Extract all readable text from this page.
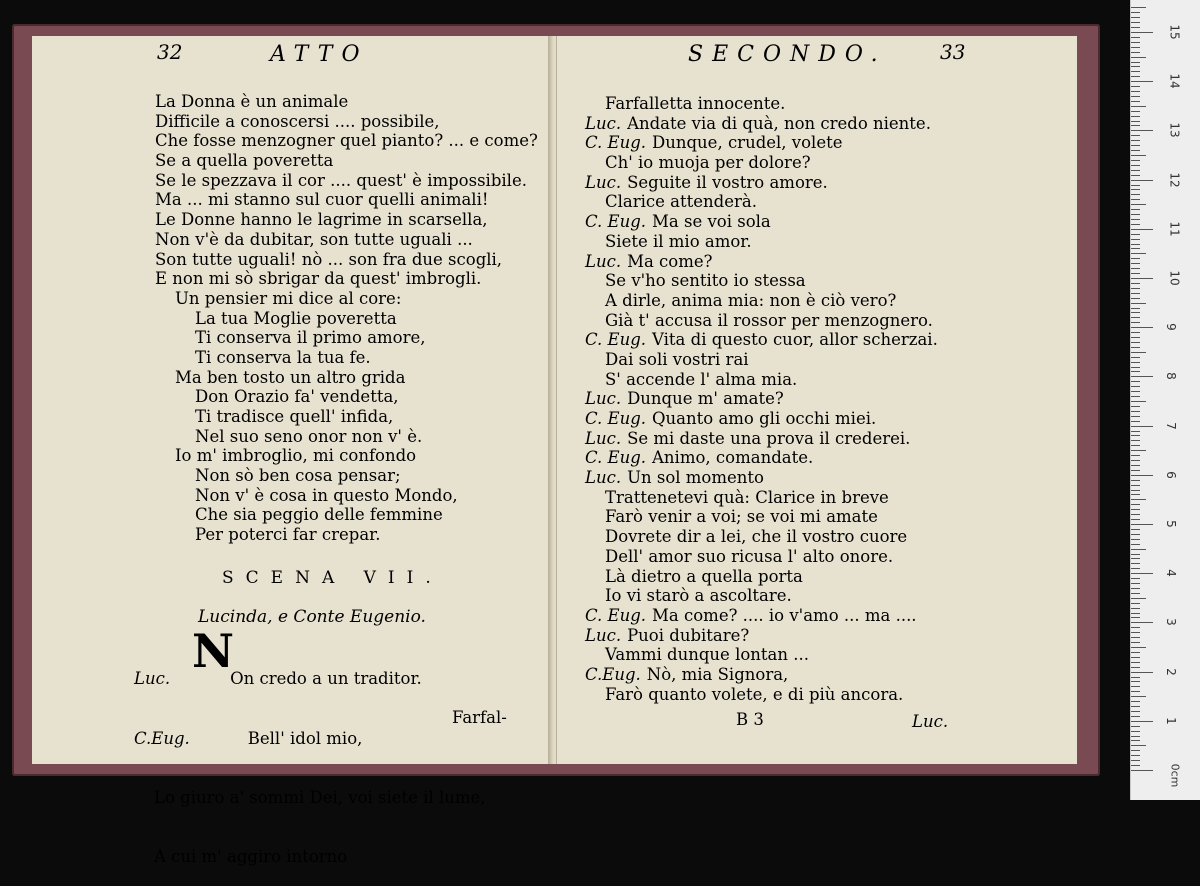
32	ATTO
La Donna è un animale
Difficile a conoscersi .... possibile,
Che fosse menzogner quel pianto? ... e come?
Se a quella poveretta
Se le spezzava il cor .... quest' è impossibile.
Ma ... mi stanno sul cuor quelli animali!
Le Donne hanno le lagrime in scarsella,
Non v'è da dubitar, son tutte uguali ...
Son tutte uguali! nò ... son fra due scogli,
E non mi sò sbrigar da quest' imbrogli.
Un pensier mi dice al core:
La tua Moglie poveretta
Ti conserva il primo amore,
Ti conserva la tua fe.
Ma ben tosto un altro grida
Don Orazio fa' vendetta,
Ti tradisce quell' infida,
Nel suo seno onor non v' è.
Io m' imbroglio, mi confondo
Non sò ben cosa pensar;
Non v' è cosa in questo Mondo,
Che sia peggio delle femmine
Per poterci far crepar.
SCENA VII.
Lucinda, e Conte Eugenio.
N

Luc.	On credo a un traditor.

C.Eug.	Bell' idol mio,

Lo giuro a' sommi Dei, voi siete il lume,

A cui m' aggiro intorno

Farfal-
SECONDO.	33
Farfalletta innocente.
Luc. Andate via di quà, non credo niente.
C. Eug. Dunque, crudel, volete
Ch' io muoja per dolore?
Luc. Seguite il vostro amore.
Clarice attenderà.
C. Eug. Ma se voi sola
Siete il mio amor.
Luc. Ma come?
Se v'ho sentito io stessa
A dirle, anima mia: non è ciò vero?
Già t' accusa il rossor per menzognero.
C. Eug. Vita di questo cuor, allor scherzai.
Dai soli vostri rai
S' accende l' alma mia.
Luc. Dunque m' amate?
C. Eug. Quanto amo gli occhi miei.
Luc. Se mi daste una prova il crederei.
C. Eug. Animo, comandate.
Luc. Un sol momento
Trattenetevi quà: Clarice in breve
Farò venir a voi; se voi mi amate
Dovrete dir a lei, che il vostro cuore
Dell' amor suo ricusa l' alto onore.
Là dietro a quella porta
Io vi starò a ascoltare.
C. Eug. Ma come? .... io v'amo ... ma ....
Luc. Puoi dubitare?
Vammi dunque lontan ...
C.Eug. Nò, mia Signora,
Farò quanto volete, e di più ancora.
B 3	Luc.
0cm
1
2
3
4
5
6
7
8
9
10
11
12
13
14
15
